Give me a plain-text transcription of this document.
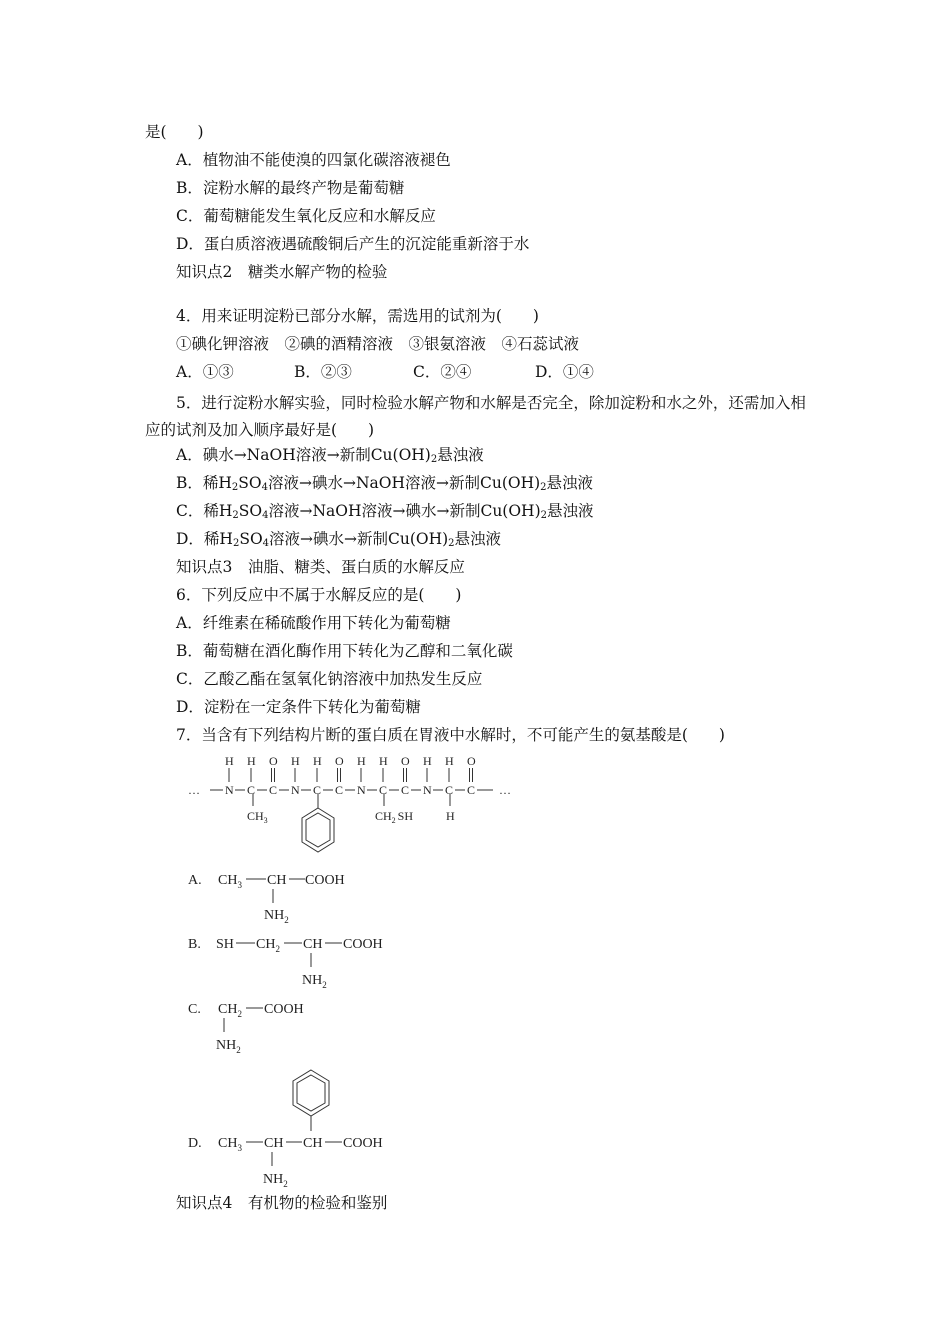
是(　　)
A．植物油不能使溴的四氯化碳溶液褪色
B．淀粉水解的最终产物是葡萄糖
C．葡萄糖能发生氧化反应和水解反应
D．蛋白质溶液遇硫酸铜后产生的沉淀能重新溶于水
知识点2　糖类水解产物的检验
4．用来证明淀粉已部分水解，需选用的试剂为(　　)
①碘化钾溶液　②碘的酒精溶液　③银氨溶液　④石蕊试液
A．①③	B．②③	C．②④	D．①④
5．进行淀粉水解实验，同时检验水解产物和水解是否完全，除加淀粉和水之外，还需加入相应的试剂及加入顺序最好是(　　)
A．碘水→NaOH溶液→新制$Cu(OH)_2$悬浊液
B．稀$H_2SO_4$溶液→碘水→NaOH溶液→新制$Cu(OH)_2$悬浊液
C．稀$H_2SO_4$溶液→NaOH溶液→碘水→新制$Cu(OH)_2$悬浊液
D．稀$H_2SO_4$溶液→碘水→新制$Cu(OH)_2$悬浊液
知识点3　油脂、糖类、蛋白质的水解反应
6．下列反应中不属于水解反应的是(　　)
A．纤维素在稀硫酸作用下转化为葡萄糖
B．葡萄糖在酒化酶作用下转化为乙醇和二氧化碳
C．乙酸乙酯在氢氧化钠溶液中加热发生反应
D．淀粉在一定条件下转化为葡萄糖
7．当含有下列结构片断的蛋白质在胃液中水解时，不可能产生的氨基酸是(　　)
… N
H
C
H
C
O
N
H
C
H
C
O
N
H
C
H
C
O
N
H
C
H
C
O
…
$CH_3$	$CH_2$ SH	H
A. $CH_3$ CH COOH
$NH_2$
B. SH $CH_2$ CH COOH
$NH_2$
C. $CH_2$ COOH
$NH_2$
D. $CH_3$ CH CH COOH
$NH_2$
知识点4　有机物的检验和鉴别
